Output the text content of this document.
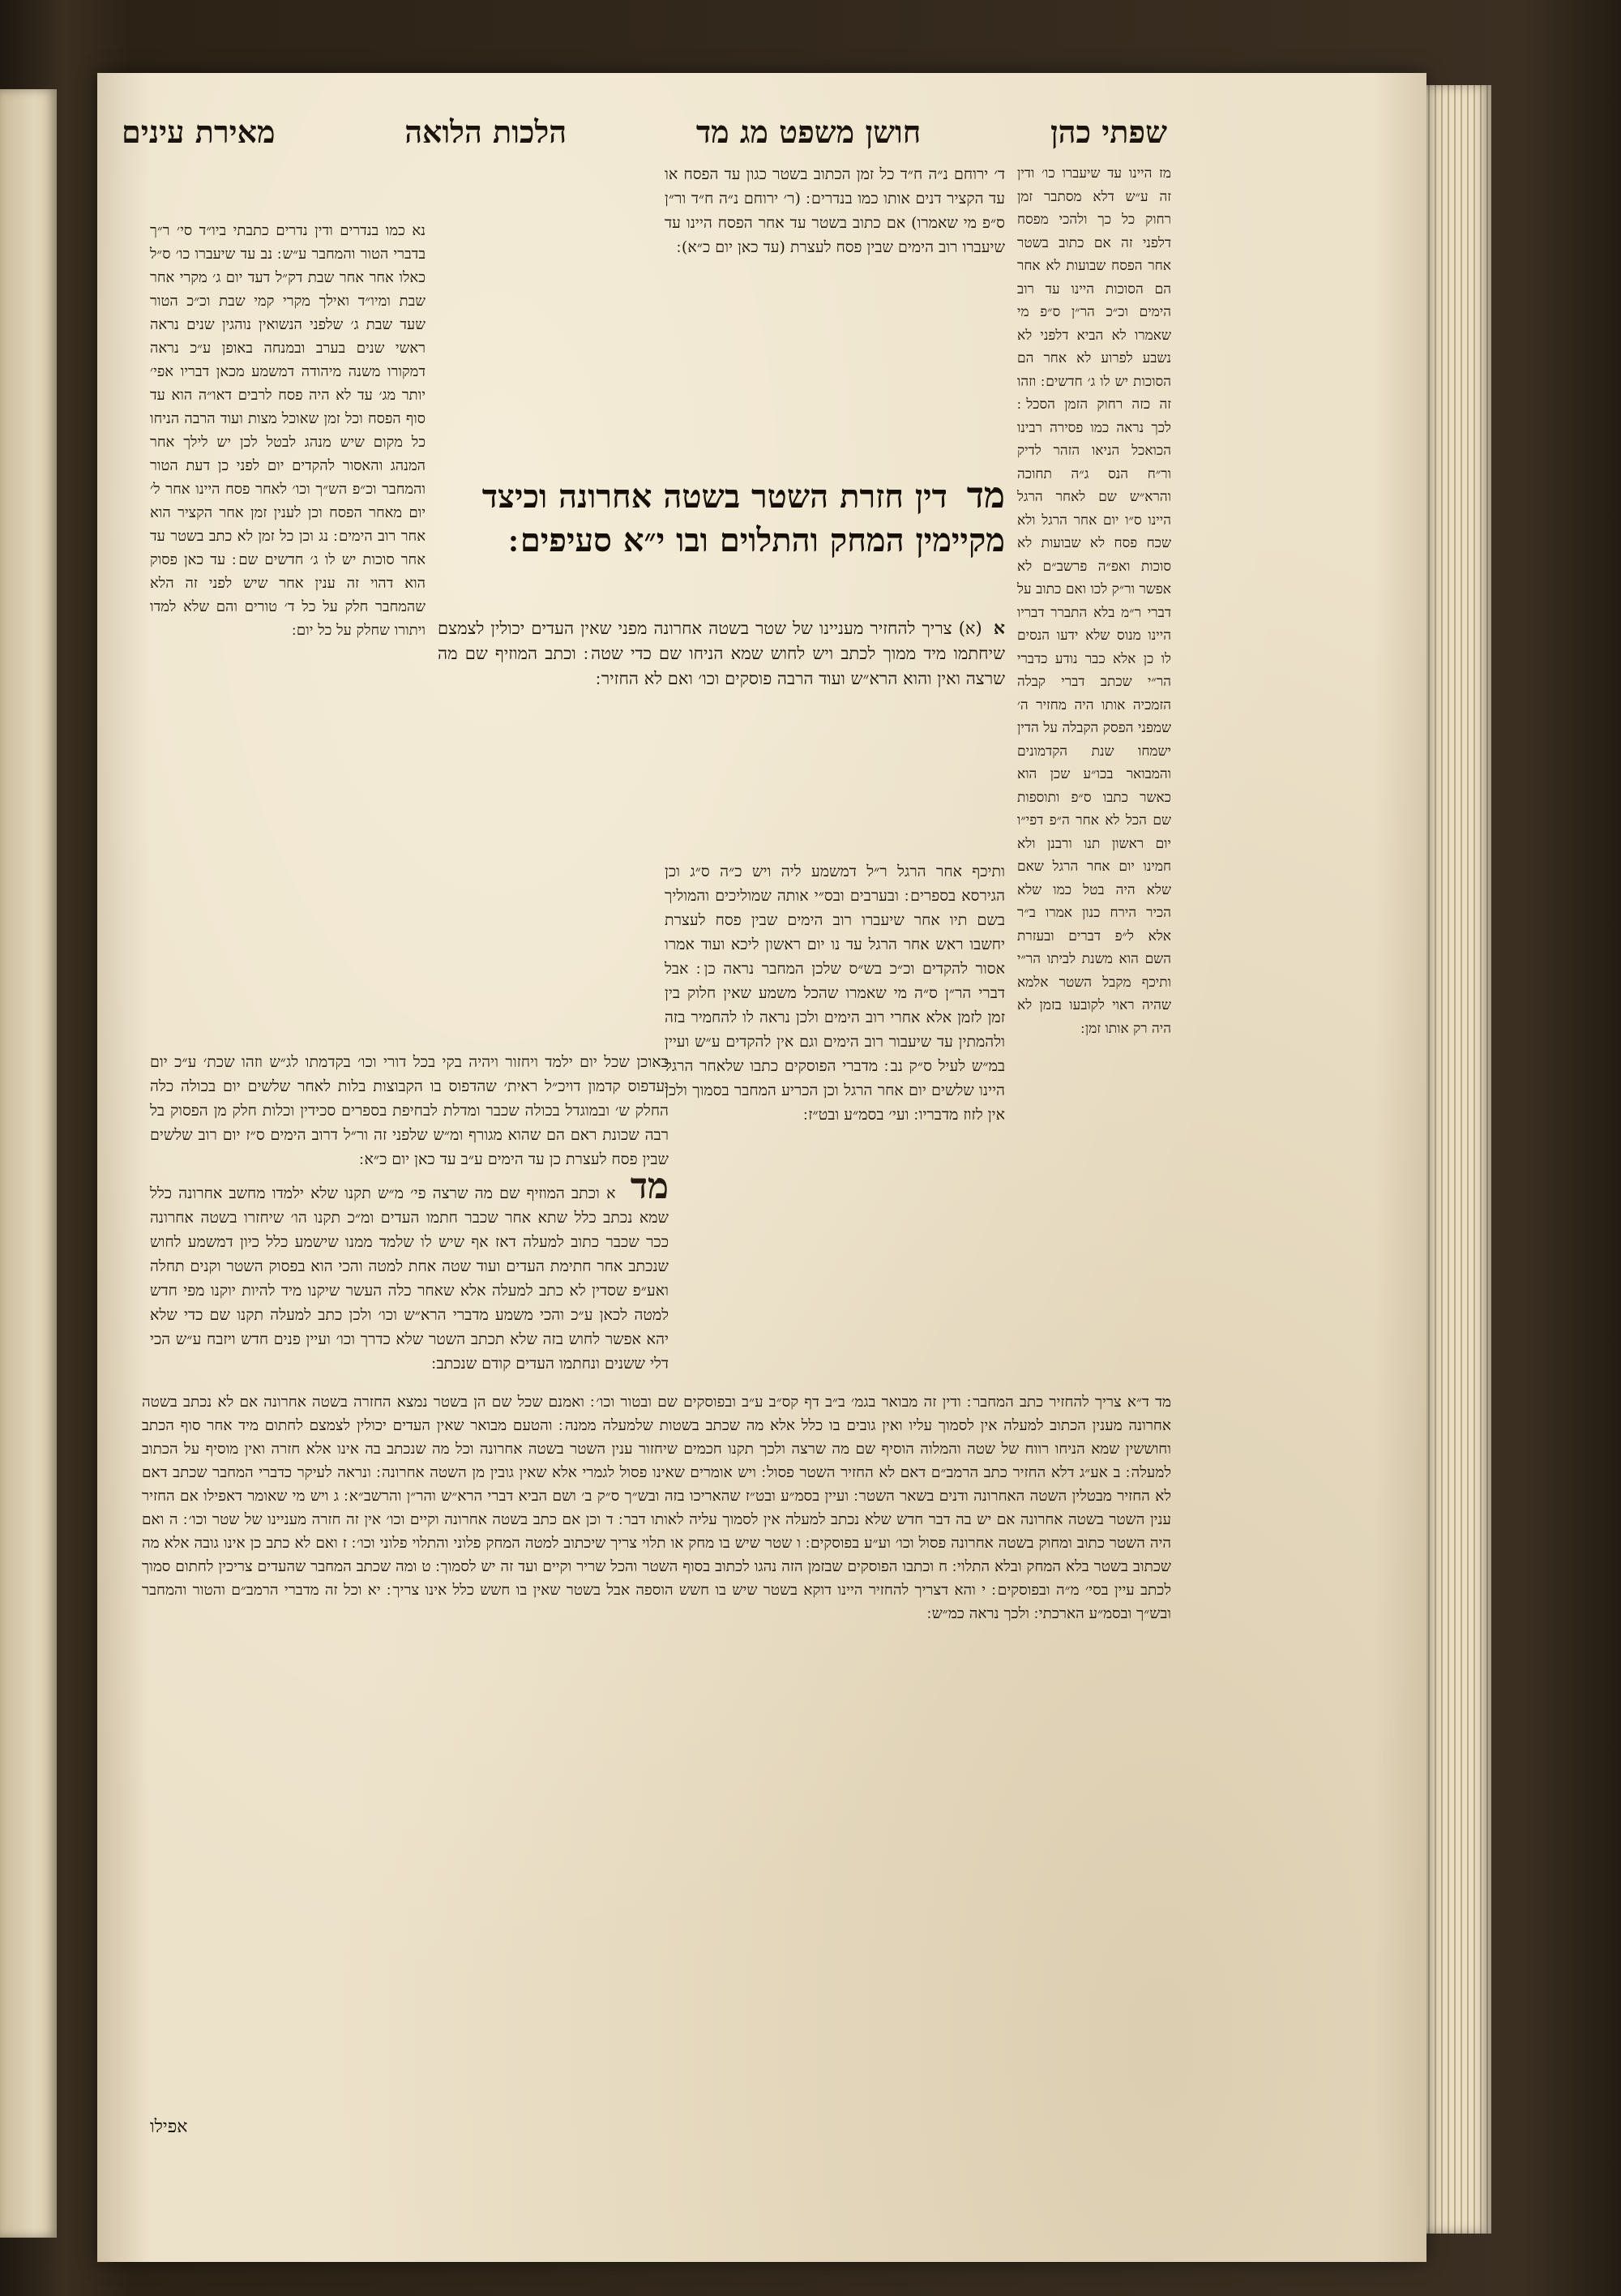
שפתי כהן
חושן משפט מג מד
הלכות הלואה
מאירת עינים

מז היינו עד שיעברו כו׳ ודין זה ע״ש דלא מסתבר זמן רחוק כל כך ולהכי מפסח דלפני זה אם כתוב בשטר אחר הפסח שבועות לא אחר הם הסוכות היינו עד רוב הימים וכ״כ הר״ן ס״פ מי שאמרו לא הביא דלפני לא נשבע לפרוע לא אחר הם הסוכות יש לו ג׳ חדשים ׃ וזהו זה כזה רחוק הזמן הסכל ׃ לכך נראה כמו פסירה רבינו הכואכל הניאו הזהר לדיק ור״ח הנס ג״ה תחוכה והרא״ש שם לאחר הרגל היינו ס״ו יום אחר הרגל ולא שכח פסח לא שבועות לא סוכות ואפ״ה פרשב״ם לא אפשר ור״ק לכו ואם כתוב על דברי ר״מ בלא התברר דבריו היינו מנוס שלא ידעו הנסים לו כן אלא כבר נודע כדברי הר״י שכתב דברי קבלה הזמכיה אותו היה מחזיר ה׳ שמפני הפסק הקבלה על הדין ישמחו שנת הקדמונים והמבואר בכו״ע שכן הוא כאשר כתבו ס״פ ותוספות שם הכל לא אחר ה״פ דפי״ו יום ראשון תנו ורבנן ולא חמינו יום אחר הרגל שאם שלא היה בטל כמו שלא הכיר הירח כנון אמרו ב״ר אלא ל״פ דברים ובעזרת השם הוא משנת לביתו הר״י ותיכף מקבל השטר אלמא שהיה ראוי לקובעו בזמן לא היה רק אותו זמן ׃

ד׳ ירוחם נ״ה ח״ד כל זמן הכתוב בשטר כגון עד הפסח או עד הקציר דנים אותו כמו בנדרים ׃ (ר׳ ירוחם נ״ה ח״ד ור״ן ס״פ מי שאמרו) אם כתוב בשטר עד אחר הפסח היינו עד שיעברו רוב הימים שבין פסח לעצרת (עד כאן יום כ״א) ׃

נא כמו בנדרים ודין נדרים כתבתי ביו״ד סי׳ ר״ך בדברי הטור והמחבר ע״ש ׃ נב עד שיעברו כו׳ ס״ל כאלו אחר אחר שבת דק״ל דעד יום ג׳ מקרי אחר שבת ומיו״ד ואילך מקרי קמי שבת וכ״כ הטור שעד שבת ג׳ שלפני הנשואין נוהגין שנים נראה ראשי שנים בערב ובמנחה באופן ע״כ נראה דמקורו משנה מיהודה דמשמע מכאן דבריו אפי׳ יותר מג׳ עד לא היה פסח לרבים דאו״ה הוא עד סוף הפסח וכל זמן שאוכל מצות ועוד הרבה הניחו כל מקום שיש מנהג לבטל לכן יש לילך אחר המנהג והאסור להקדים יום לפני כן דעת הטור והמחבר וכ״פ הש״ך וכו׳ לאחר פסח היינו אחר ל׳ יום מאחר הפסח וכן לענין זמן אחר הקציר הוא אחר רוב הימים ׃ נג וכן כל זמן לא כתב בשטר עד אחר סוכות יש לו ג׳ חדשים שם ׃ עד כאן פסוק הוא דהוי זה ענין אחר שיש לפני זה הלא שהמחבר חלק על כל ד׳ טורים והם שלא למדו ויתורו שחלק על כל יום ׃

מד דין חזרת השטר בשטה אחרונה וכיצד מקיימין המחק והתלוים ובו י״א סעיפים ׃

א (א) צריך להחזיר מעניינו של שטר בשטה אחרונה מפני שאין העדים יכולין לצמצם שיחתמו מיד ממוך לכתב ויש לחוש שמא הניחו שם כדי שטה ׃ וכתב המוזיף שם מה שרצה ואין והוא הרא״ש ועוד הרבה פוסקים וכו׳ ואם לא החזיר ׃

ותיכף אחר הרגל ר״ל דמשמע ליה ויש כ״ה ס״ג וכן הגירסא בספרים ׃ ובערבים ובס״י אותה שמוליכים והמוליך בשם תיו אחר שיעברו רוב הימים שבין פסח לעצרת יחשבו ראש אחר הרגל עד נו יום ראשון ליכא ועוד אמרו אסור להקדים וכ״כ בש״ס שלכן המחבר נראה כן ׃ אבל דברי הר״ן ס״ה מי שאמרו שהכל משמע שאין חלוק בין זמן לזמן אלא אחרי רוב הימים ולכן נראה לו להחמיר בזה ולהמתין עד שיעבור רוב הימים וגם אין להקדים ע״ש ועיין במ״ש לעיל ס״ק נב ׃ מדברי הפוסקים כתבו שלאחר הרגל היינו שלשים יום אחר הרגל וכן הכריע המחבר בסמוך ולכן אין לזוז מדבריו ׃ ועי׳ בסמ״ע ובט״ז ׃

כאוכן שכל יום ילמד ויחזור ויהיה בקי בכל דורי וכו׳ בקדמתו לג״ש וזהו שכת׳ ע״כ יום ועדפוס קדמון דויכ״ל ראית׳ שהדפוס בו הקבוצות בלות לאחר שלשים יום בכולה כלה החלק ש׳ ובמוגדל בכולה שכבר ומדלת לבחיפת בספרים סכידין וכלות חלק מן הפסוק בל רבה שכונת ראם הם שהוא מגורף ומ״ש שלפני זה ור״ל דרוב הימים ס״ז יום רוב שלשים שבין פסח לעצרת כן עד הימים ע״ב עד כאן יום כ״א ׃

מד א וכתב המוזיף שם מה שרצה פי׳ מ״ש תקנו שלא ילמדו מחשב אחרונה כלל שמא נכתב כלל שתא אחר שכבר חתמו העדים ומ״כ תקנו הו׳ שיחזרו בשטה אחרונה ככר שכבר כתוב למעלה דאז אף שיש לו שלמד ממנו שישמע כלל כיון דמשמע לחוש שנכתב אחר חתימת העדים ועוד שטה אחת למטה והכי הוא בפסוק השטר וקנים תחלה ואע״פ שסדין לא כתב למעלה אלא שאחר כלה העשר שיקנו מיד להיות יוקנו מפי חדש למטה לכאן ע״כ והכי משמע מדברי הרא״ש וכו׳ ולכן כתב למעלה תקנו שם כדי שלא יהא אפשר לחוש בזה שלא תכתב השטר שלא כדרך וכו׳ ועיין פנים חדש ויזבח ע״ש הכי דלי ששנים ונחתמו העדים קודם שנכתב ׃

מד ד״א צריך להחזיר כתב המחבר ׃ ודין זה מבואר בגמ׳ ב״ב דף קס״ב ע״ב ובפוסקים שם ובטור וכו׳ ׃ ואמנם שכל שם הן בשטר נמצא החזרה בשטה אחרונה אם לא נכתב בשטה אחרונה מענין הכתוב למעלה אין לסמוך עליו ואין גובים בו כלל אלא מה שכתב בשטות שלמעלה ממנה ׃ והטעם מבואר שאין העדים יכולין לצמצם לחתום מיד אחר סוף הכתב וחוששין שמא הניחו רווח של שטה והמלוה הוסיף שם מה שרצה ולכך תקנו חכמים שיחזור ענין השטר בשטה אחרונה וכל מה שנכתב בה אינו אלא חזרה ואין מוסיף על הכתוב למעלה ׃ ב אע״ג דלא החזיר כתב הרמב״ם דאם לא החזיר השטר פסול ׃ ויש אומרים שאינו פסול לגמרי אלא שאין גובין מן השטה אחרונה ׃ ונראה לעיקר כדברי המחבר שכתב דאם לא החזיר מבטלין השטה האחרונה ודנים בשאר השטר ׃ ועיין בסמ״ע ובט״ז שהאריכו בזה ובש״ך ס״ק ב׳ ושם הביא דברי הרא״ש והר״ן והרשב״א ׃ ג ויש מי שאומר דאפילו אם החזיר ענין השטר בשטה אחרונה אם יש בה דבר חדש שלא נכתב למעלה אין לסמוך עליה לאותו דבר ׃ ד וכן אם כתב בשטה אחרונה וקיים וכו׳ אין זה חזרה מעניינו של שטר וכו׳ ׃ ה ואם היה השטר כתוב ומחוק בשטה אחרונה פסול וכו׳ וע״ע בפוסקים ׃ ו שטר שיש בו מחק או תלוי צריך שיכתוב למטה המחק פלוני והתלוי פלוני וכו׳ ׃ ז ואם לא כתב כן אינו גובה אלא מה שכתוב בשטר בלא המחק ובלא התלוי ׃ ח וכתבו הפוסקים שבזמן הזה נהגו לכתוב בסוף השטר והכל שריר וקיים ועד זה יש לסמוך ׃ ט ומה שכתב המחבר שהעדים צריכין לחתום סמוך לכתב עיין בסי׳ מ״ה ובפוסקים ׃ י והא דצריך להחזיר היינו דוקא בשטר שיש בו חשש הוספה אבל בשטר שאין בו חשש כלל אינו צריך ׃ יא וכל זה מדברי הרמב״ם והטור והמחבר ובש״ך ובסמ״ע הארכתי ׃ ולכך נראה כמ״ש ׃

אפילו
